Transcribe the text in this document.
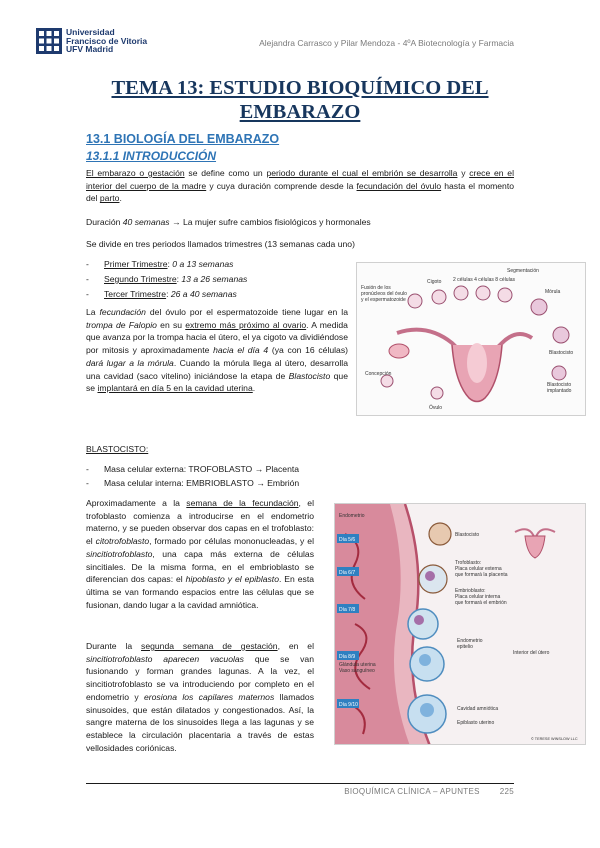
Universidad
Francisco de Vitoria
UFV Madrid
Alejandra Carrasco y Pilar Mendoza - 4ºA Biotecnología y Farmacia
TEMA 13: ESTUDIO BIOQUÍMICO DEL EMBARAZO
13.1 BIOLOGÍA DEL EMBARAZO
13.1.1 INTRODUCCIÓN
El embarazo o gestación se define como un periodo durante el cual el embrión se desarrolla y crece en el interior del cuerpo de la madre y cuya duración comprende desde la fecundación del óvulo hasta el momento del parto.
Duración 40 semanas → La mujer sufre cambios fisiológicos y hormonales
Se divide en tres periodos llamados trimestres (13 semanas cada uno)
- Primer Trimestre: 0 a 13 semanas
- Segundo Trimestre: 13 a 26 semanas
- Tercer Trimestre: 26 a 40 semanas
La fecundación del óvulo por el espermatozoide tiene lugar en la trompa de Falopio en su extremo más próximo al ovario. A medida que avanza por la trompa hacia el útero, el ya cigoto va dividiéndose por mitosis y aproximadamente hacia el día 4 (ya con 16 células) dará lugar a la mórula. Cuando la mórula llega al útero, desarrolla una cavidad (saco vitelino) iniciándose la etapa de Blastocisto que se implantará en día 5 en la cavidad uterina.
Segmentación
2 células 4 células 8 células
Cigoto
Fusión de los
pronúcleos del óvulo
y el espermatozoide
Mórula
Blastocisto
Blastocisto
implantado
Concepción
Óvulo
BLASTOCISTO:
- Masa celular externa: TROFOBLASTO → Placenta
- Masa celular interna: EMBRIOBLASTO → Embrión
Aproximadamente a la semana de la fecundación, el trofoblasto comienza a introducirse en el endometrio materno, y se pueden observar dos capas en el trofoblasto: el citotrofoblasto, formado por células mononucleadas, y el sincitiotrofoblasto, una capa más externa de células sincitiales. De la misma forma, en el embrioblasto se diferencian dos capas: el hipoblasto y el epiblasto. En esta última se van formando espacios entre las células que se fusionan, dando lugar a la cavidad amniótica.
Durante la segunda semana de gestación, en el sincitiotrofoblasto aparecen vacuolas que se van fusionando y forman grandes lagunas. A la vez, el sincitiotrofoblasto se va introduciendo por completo en el endometrio y erosiona los capilares maternos llamados sinusoides, que están dilatados y congestionados. Así, la sangre materna de los sinusoides llega a las lagunas y se establece la circulación placentaria a través de estas vellosidades coriónicas.
Endometrio
Día 5/6
Día 6/7
Día 7/8
Día 8/9
Día 9/10
Blastocisto
Trofoblasto:
Placa celular externa
que formará la placenta
Embrioblasto:
Placa celular interna
que formará el embrión
Endometrio
epitelio
Interior del útero
Glándula uterina
Vaso sanguíneo
Cavidad amniótica
Epiblasto uterino
© TERESE WINSLOW LLC
BIOQUÍMICA CLÍNICA – APUNTES	225
